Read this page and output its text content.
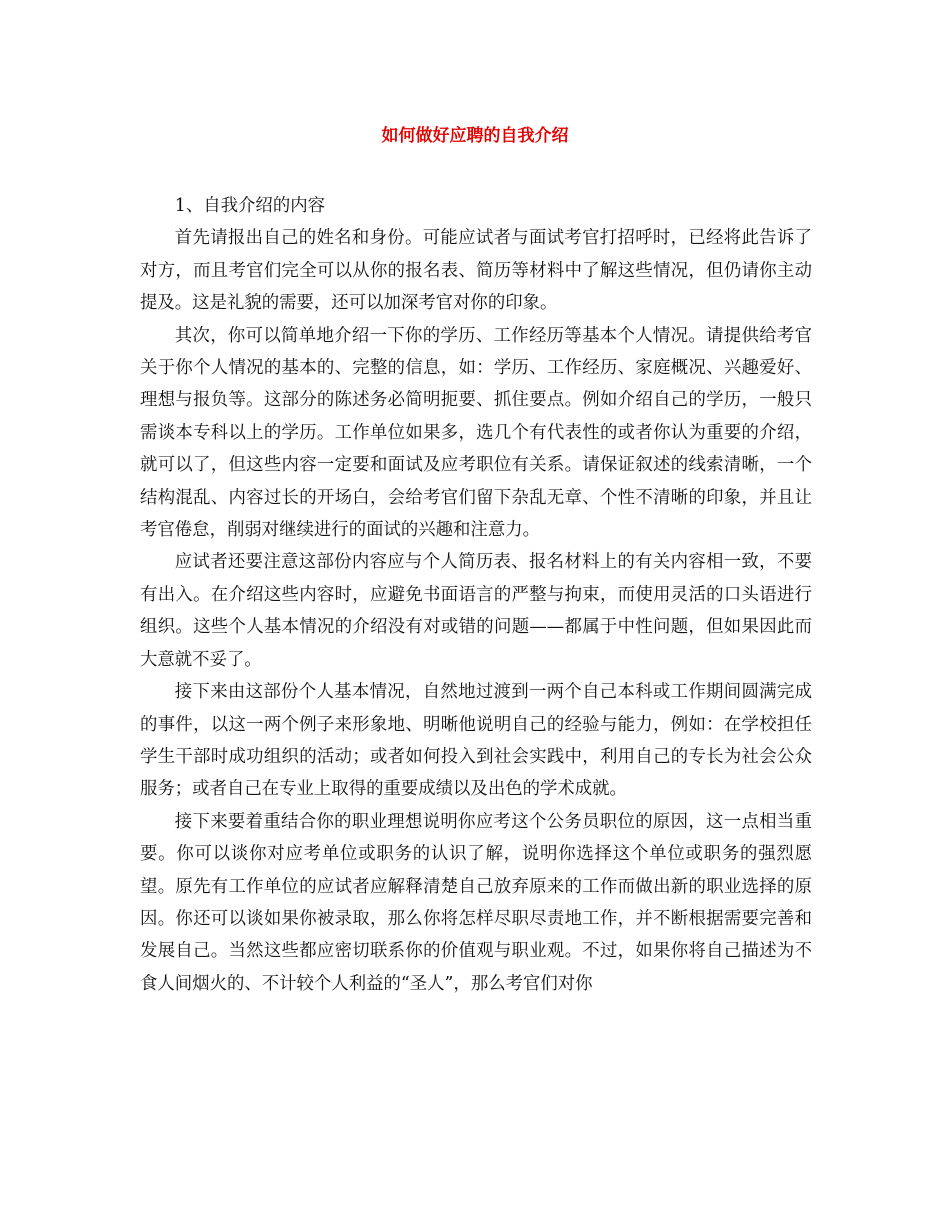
如何做好应聘的自我介绍

1、自我介绍的内容

首先请报出自己的姓名和身份。可能应试者与面试考官打招呼时，已经将此告诉了对方，而且考官们完全可以从你的报名表、简历等材料中了解这些情况，但仍请你主动提及。这是礼貌的需要，还可以加深考官对你的印象。

其次，你可以简单地介绍一下你的学历、工作经历等基本个人情况。请提供给考官关于你个人情况的基本的、完整的信息，如：学历、工作经历、家庭概况、兴趣爱好、理想与报负等。这部分的陈述务必简明扼要、抓住要点。例如介绍自己的学历，一般只需谈本专科以上的学历。工作单位如果多，选几个有代表性的或者你认为重要的介绍，就可以了，但这些内容一定要和面试及应考职位有关系。请保证叙述的线索清晰，一个结构混乱、内容过长的开场白，会给考官们留下杂乱无章、个性不清晰的印象，并且让考官倦怠，削弱对继续进行的面试的兴趣和注意力。

应试者还要注意这部份内容应与个人简历表、报名材料上的有关内容相一致，不要有出入。在介绍这些内容时，应避免书面语言的严整与拘束，而使用灵活的口头语进行组织。这些个人基本情况的介绍没有对或错的问题——都属于中性问题，但如果因此而大意就不妥了。

接下来由这部份个人基本情况，自然地过渡到一两个自己本科或工作期间圆满完成的事件，以这一两个例子来形象地、明晰他说明自己的经验与能力，例如：在学校担任学生干部时成功组织的活动；或者如何投入到社会实践中，利用自己的专长为社会公众服务；或者自己在专业上取得的重要成绩以及出色的学术成就。

接下来要着重结合你的职业理想说明你应考这个公务员职位的原因，这一点相当重要。你可以谈你对应考单位或职务的认识了解，说明你选择这个单位或职务的强烈愿望。原先有工作单位的应试者应解释清楚自己放弃原来的工作而做出新的职业选择的原因。你还可以谈如果你被录取，那么你将怎样尽职尽责地工作，并不断根据需要完善和发展自己。当然这些都应密切联系你的价值观与职业观。不过，如果你将自己描述为不食人间烟火的、不计较个人利益的“圣人”，那么考官们对你
